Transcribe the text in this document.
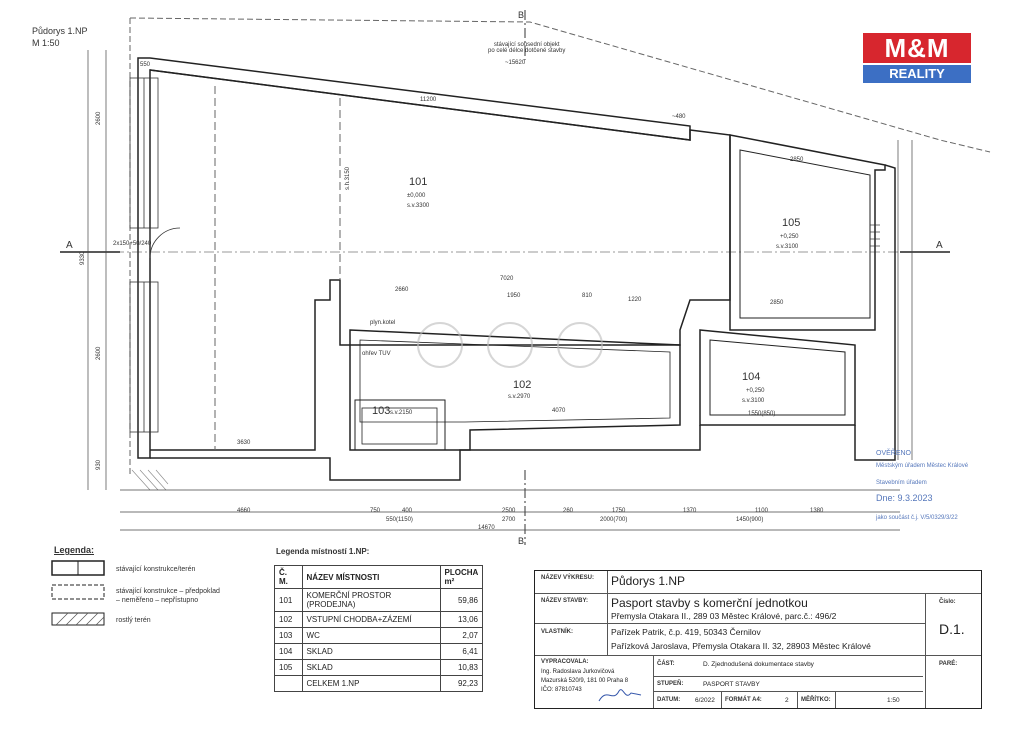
Půdorys 1.NP
M 1:50
B
B
A	A
stávající sousední objekt
po celé délce dotčené stavby
~15620
101
±0,000
s.v.3300
102
s.v.2970
103 s.v.2150
104
+0,250
s.v.3100
105
+0,250
s.v.3100
plyn.kotel
ohřev TUV
s.h.3150
2x150+50/240
550
11200
~480
4660	750	400	2500	260	1750	1370	1100	1380
550(1150)	2700	2000(700)	1450(900)
14670
2600
9330
2600
930
7020
2660
1950	810
1220
3630
4070	1550(850)
2850
2850
M&M
REALITY
OVĚŘENO
Městským úřadem Městec Králové
Stavebním úřadem
Dne: 9.3.2023
jako součást č.j. V/5/0329/3/22
Legenda:
stávající konstrukce/terén
stávající konstrukce – předpoklad
– neměřeno – nepřístupno
rostlý terén
Legenda místností 1.NP:
Č. M.	NÁZEV MÍSTNOSTI	PLOCHA m²
101	KOMERČNÍ PROSTOR (PRODEJNA)	59,86
102	VSTUPNÍ CHODBA+ZÁZEMÍ	13,06
103	WC	2,07
104	SKLAD	6,41
105	SKLAD	10,83
	CELKEM 1.NP	92,23
NÁZEV VÝKRESU: Půdorys 1.NP
NÁZEV STAVBY: Pasport stavby s komerční jednotkou
Přemysla Otakara II., 289 03 Městec Králové, parc.č.: 496/2
Číslo:
D.1.
VLASTNÍK:	Pařízek Patrik, č.p. 419, 50343 Černilov
Pařízková Jaroslava, Přemysla Otakara II. 32, 28903 Městec Králové
VYPRACOVALA:
Ing. Radoslava Jurkovičová
Mazurská 520/9, 181 00 Praha 8
IČO: 87810743
ČÁST:	D. Zjednodušená dokumentace stavby
STUPEŇ:	PASPORT STAVBY
DATUM: 6/2022 FORMÁT A4:	2 MĚŘÍTKO:	1:50
PARÉ:
